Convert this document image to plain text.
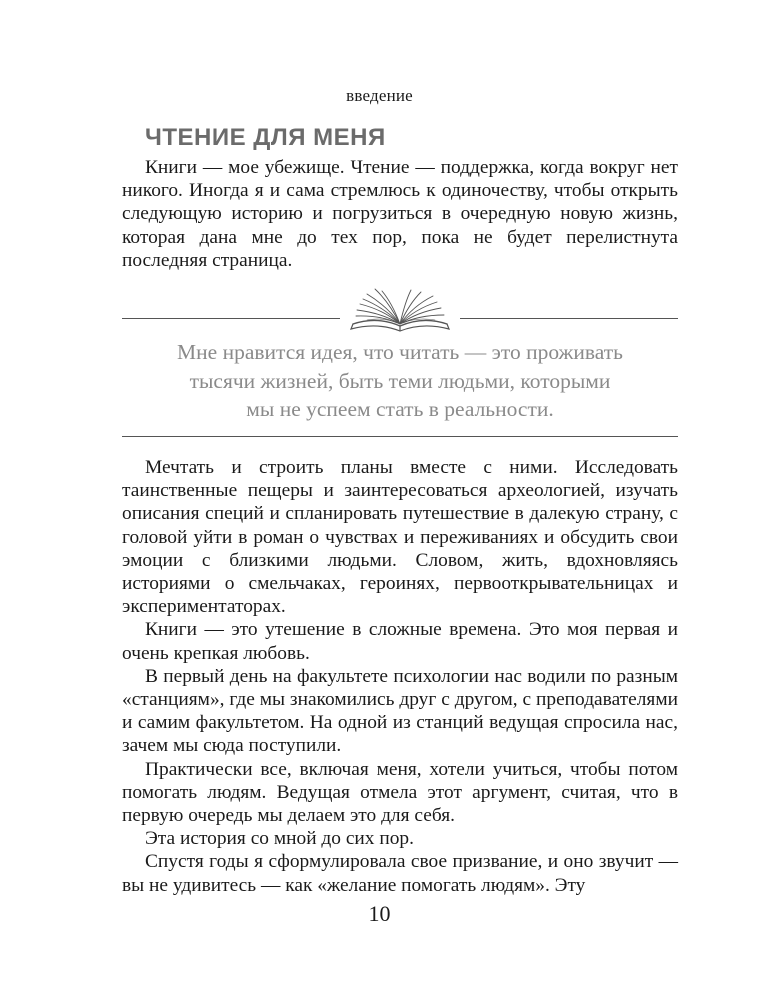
введение
ЧТЕНИЕ ДЛЯ МЕНЯ

Книги — мое убежище. Чтение — поддержка, когда вокруг нет никого. Иногда я и сама стремлюсь к одиночеству, чтобы открыть следующую историю и погрузиться в очередную новую жизнь, которая дана мне до тех пор, пока не будет перелистнута последняя страница.

Мне нравится идея, что читать — это проживать
тысячи жизней, быть теми людьми, которыми
мы не успеем стать в реальности.

Мечтать и строить планы вместе с ними. Исследовать таинственные пещеры и заинтересоваться археологией, изучать описания специй и спланировать путешествие в далекую страну, с головой уйти в роман о чувствах и переживаниях и обсудить свои эмоции с близкими людьми. Словом, жить, вдохновляясь историями о смельчаках, героинях, первооткрывательницах и экспериментаторах.

Книги — это утешение в сложные времена. Это моя первая и очень крепкая любовь.

В первый день на факультете психологии нас водили по разным «станциям», где мы знакомились друг с другом, с преподавателями и самим факультетом. На одной из станций ведущая спросила нас, зачем мы сюда поступили.

Практически все, включая меня, хотели учиться, чтобы потом помогать людям. Ведущая отмела этот аргумент, считая, что в первую очередь мы делаем это для себя.

Эта история со мной до сих пор.

Спустя годы я сформулировала свое призвание, и оно звучит — вы не удивитесь — как «желание помогать людям». Эту

10
